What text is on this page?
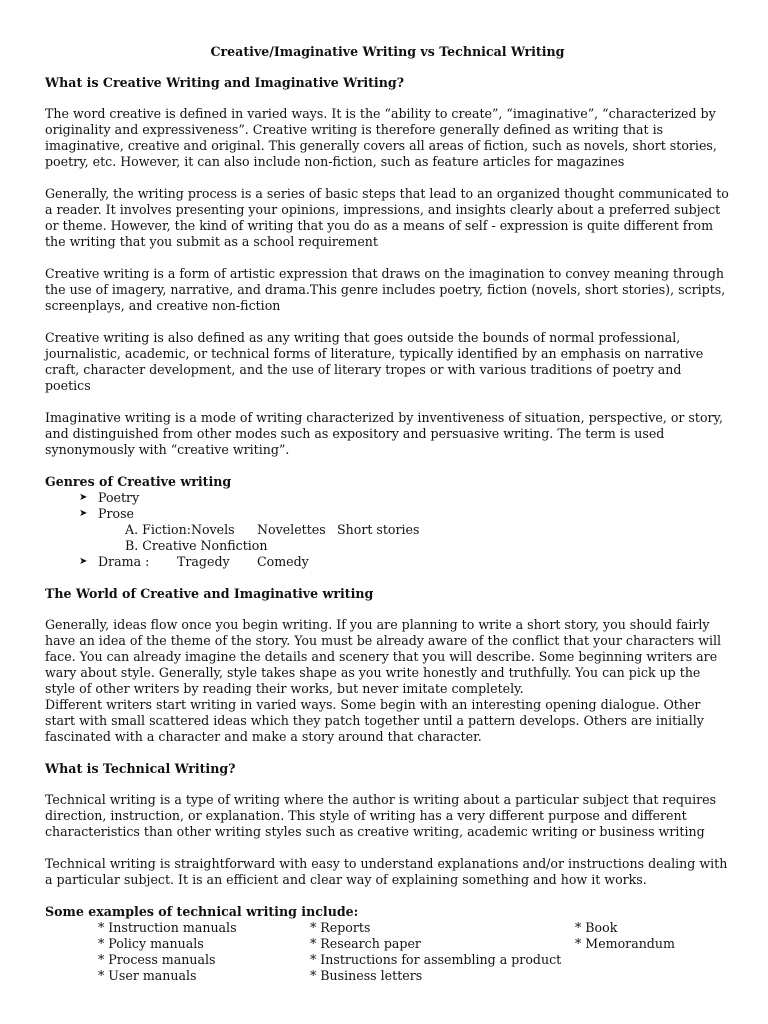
Creative/Imaginative Writing vs Technical Writing
What is Creative Writing and Imaginative Writing?

The word creative is defined in varied ways. It is the “ability to create”, “imaginative”, “characterized by originality and expressiveness”. Creative writing is therefore generally defined as writing that is imaginative, creative and original. This generally covers all areas of fiction, such as novels, short stories, poetry, etc. However, it can also include non-fiction, such as feature articles for magazines

Generally, the writing process is a series of basic steps that lead to an organized thought communicated to a reader. It involves presenting your opinions, impressions, and insights clearly about a preferred subject or theme. However, the kind of writing that you do as a means of self - expression is quite different from the writing that you submit as a school requirement

Creative writing is a form of artistic expression that draws on the imagination to convey meaning through the use of imagery, narrative, and drama.This genre includes poetry, fiction (novels, short stories), scripts, screenplays, and creative non-fiction

Creative writing is also defined as any writing that goes outside the bounds of normal professional, journalistic, academic, or technical forms of literature, typically identified by an emphasis on narrative craft, character development, and the use of literary tropes or with various traditions of poetry and poetics

Imaginative writing is a mode of writing characterized by inventiveness of situation, perspective, or story, and distinguished from other modes such as expository and persuasive writing. The term is used synonymously with “creative writing”.

Genres of Creative writing
➤ Poetry
➤ Prose
A. Fiction:Novels Novelettes Short stories
B. Creative Nonfiction
➤ Drama : Tragedy Comedy
The World of Creative and Imaginative writing

Generally, ideas flow once you begin writing. If you are planning to write a short story, you should fairly have an idea of the theme of the story. You must be already aware of the conflict that your characters will face. You can already imagine the details and scenery that you will describe. Some beginning writers are wary about style. Generally, style takes shape as you write honestly and truthfully. You can pick up the style of other writers by reading their works, but never imitate completely.

Different writers start writing in varied ways. Some begin with an interesting opening dialogue. Other start with small scattered ideas which they patch together until a pattern develops. Others are initially fascinated with a character and make a story around that character.

What is Technical Writing?

Technical writing is a type of writing where the author is writing about a particular subject that requires direction, instruction, or explanation. This style of writing has a very different purpose and different characteristics than other writing styles such as creative writing, academic writing or business writing

Technical writing is straightforward with easy to understand explanations and/or instructions dealing with a particular subject. It is an efficient and clear way of explaining something and how it works.

Some examples of technical writing include:
* Instruction manuals
* Policy manuals
* Process manuals
* User manuals
* Reports
* Research paper
* Instructions for assembling a product
* Business letters
* Book
* Memorandum
